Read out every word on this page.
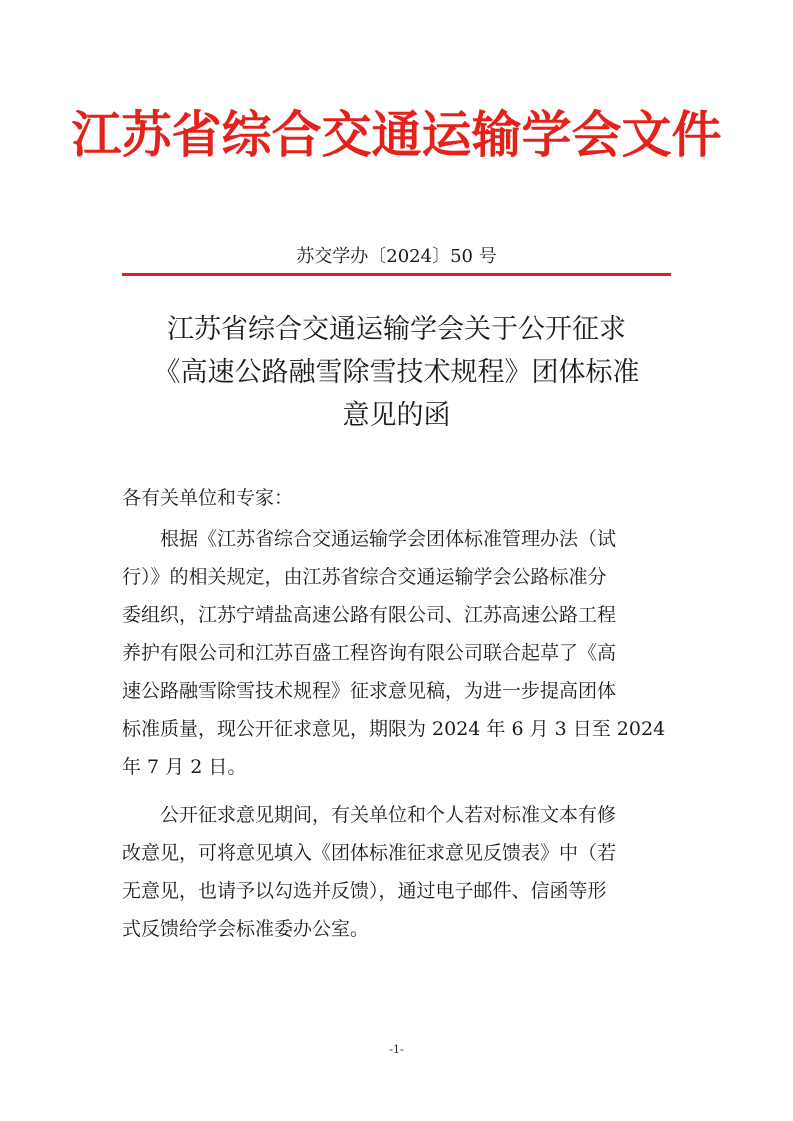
江苏省综合交通运输学会文件
苏交学办〔2024〕50 号
江苏省综合交通运输学会关于公开征求
《高速公路融雪除雪技术规程》团体标准
意见的函
各有关单位和专家：
根据《江苏省综合交通运输学会团体标准管理办法（试
行）》的相关规定，由江苏省综合交通运输学会公路标准分
委组织，江苏宁靖盐高速公路有限公司、江苏高速公路工程
养护有限公司和江苏百盛工程咨询有限公司联合起草了《高
速公路融雪除雪技术规程》征求意见稿，为进一步提高团体
标准质量，现公开征求意见，期限为 2024 年 6 月 3 日至 2024
年 7 月 2 日。
公开征求意见期间，有关单位和个人若对标准文本有修
改意见，可将意见填入《团体标准征求意见反馈表》中（若
无意见，也请予以勾选并反馈），通过电子邮件、信函等形
式反馈给学会标准委办公室。
-1-
